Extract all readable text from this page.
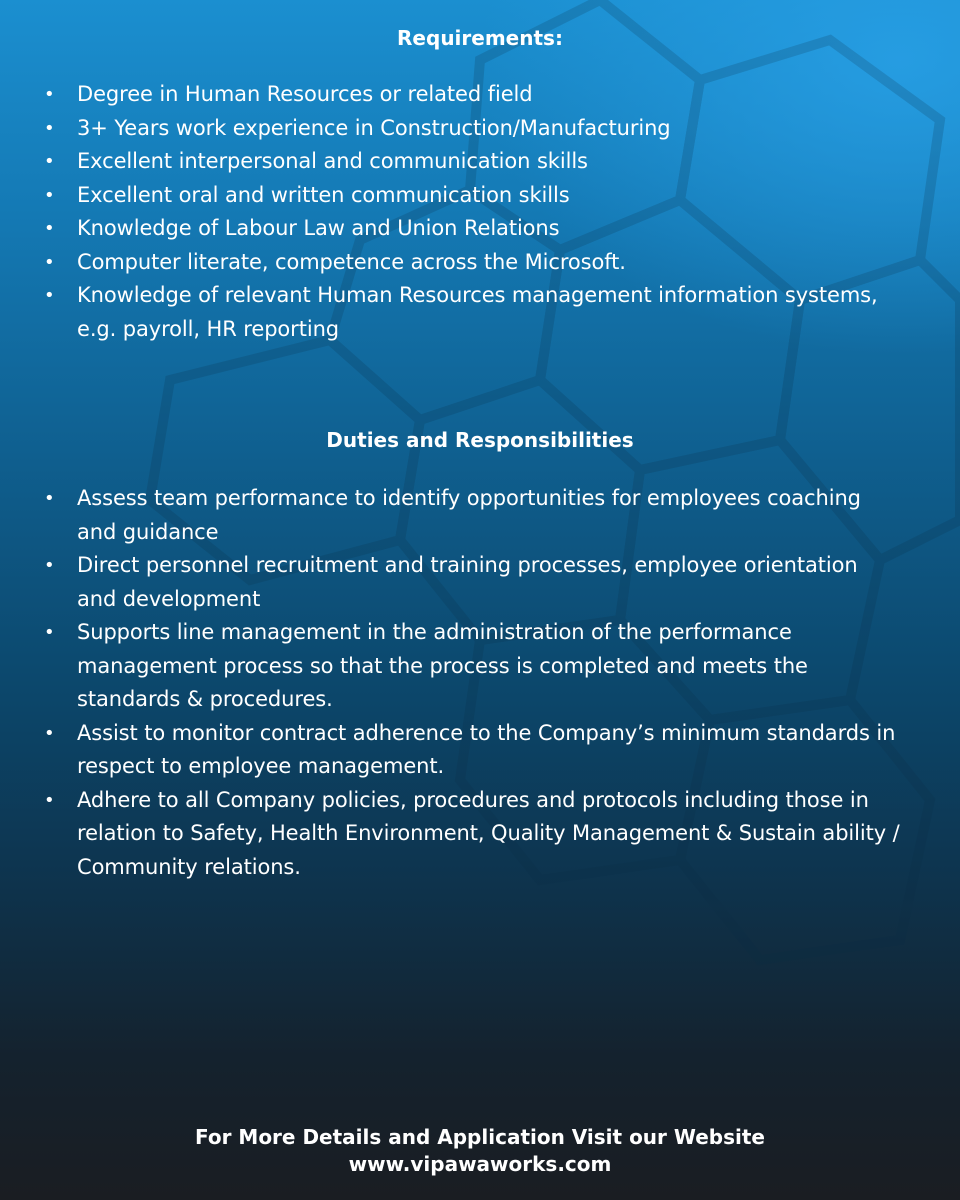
Requirements:
• Degree in Human Resources or related field
• 3+ Years work experience in Construction/Manufacturing
• Excellent interpersonal and communication skills
• Excellent oral and written communication skills
• Knowledge of Labour Law and Union Relations
• Computer literate, competence across the Microsoft.
• Knowledge of relevant Human Resources management information systems, e.g. payroll, HR reporting
Duties and Responsibilities
• Assess team performance to identify opportunities for employees coaching and guidance
• Direct personnel recruitment and training processes, employee orientation and development
• Supports line management in the administration of the performance management process so that the process is completed and meets the standards & procedures.
• Assist to monitor contract adherence to the Company’s minimum standards in respect to employee management.
• Adhere to all Company policies, procedures and protocols including those in relation to Safety, Health Environment, Quality Management & Sustain ability / Community relations.
For More Details and Application Visit our Website
www.vipawaworks.com
